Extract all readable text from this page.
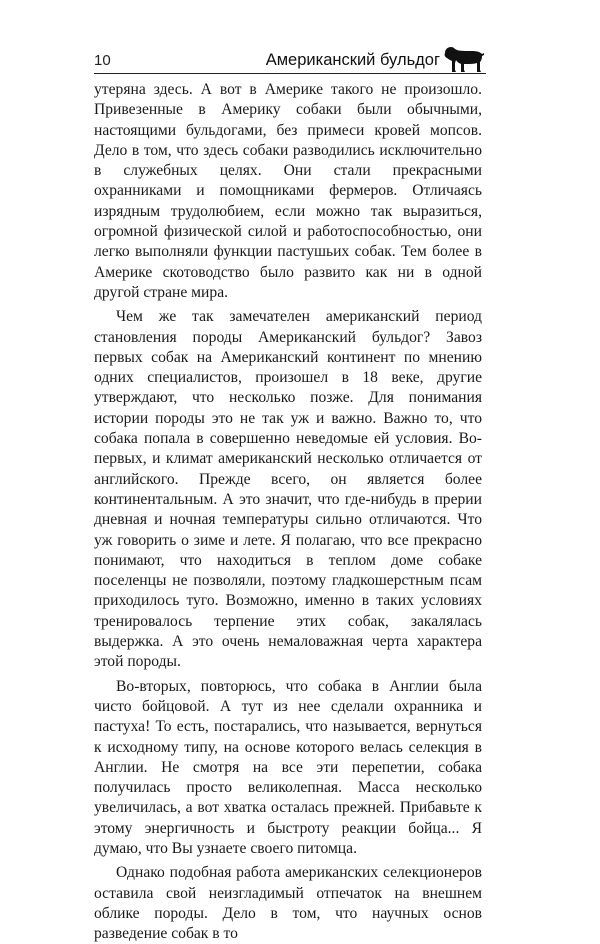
10	Американский бульдог

утеряна здесь. А вот в Америке такого не произошло. Привезенные в Америку собаки были обычными, настоящими бульдогами, без примеси кровей мопсов. Дело в том, что здесь собаки разводились исключительно в служебных целях. Они стали прекрасными охранниками и помощниками фермеров. Отличаясь изрядным трудолюбием, если можно так выразиться, огромной физической силой и работоспособностью, они легко выполняли функции пастушьих собак. Тем более в Америке скотоводство было развито как ни в одной другой стране мира.

Чем же так замечателен американский период становления породы Американский бульдог? Завоз первых собак на Американский континент по мнению одних специалистов, произошел в 18 веке, другие утверждают, что несколько позже. Для понимания истории породы это не так уж и важно. Важно то, что собака попала в совершенно неведомые ей условия. Во-первых, и климат американский несколько отличается от английского. Прежде всего, он является более континентальным. А это значит, что где-нибудь в прерии дневная и ночная температуры сильно отличаются. Что уж говорить о зиме и лете. Я полагаю, что все прекрасно понимают, что находиться в теплом доме собаке поселенцы не позволяли, поэтому гладкошерстным псам приходилось туго. Возможно, именно в таких условиях тренировалось терпение этих собак, закалялась выдержка. А это очень немаловажная черта характера этой породы.

Во-вторых, повторюсь, что собака в Англии была чисто бойцовой. А тут из нее сделали охранника и пастуха! То есть, постарались, что называется, вернуться к исходному типу, на основе которого велась селекция в Англии. Не смотря на все эти перепетии, собака получилась просто великолепная. Масса несколько увеличилась, а вот хватка осталась прежней. Прибавьте к этому энергичность и быстроту реакции бойца... Я думаю, что Вы узнаете своего питомца.

Однако подобная работа американских селекционеров оставила свой неизгладимый отпечаток на внешнем облике породы. Дело в том, что научных основ разведение собак в то
